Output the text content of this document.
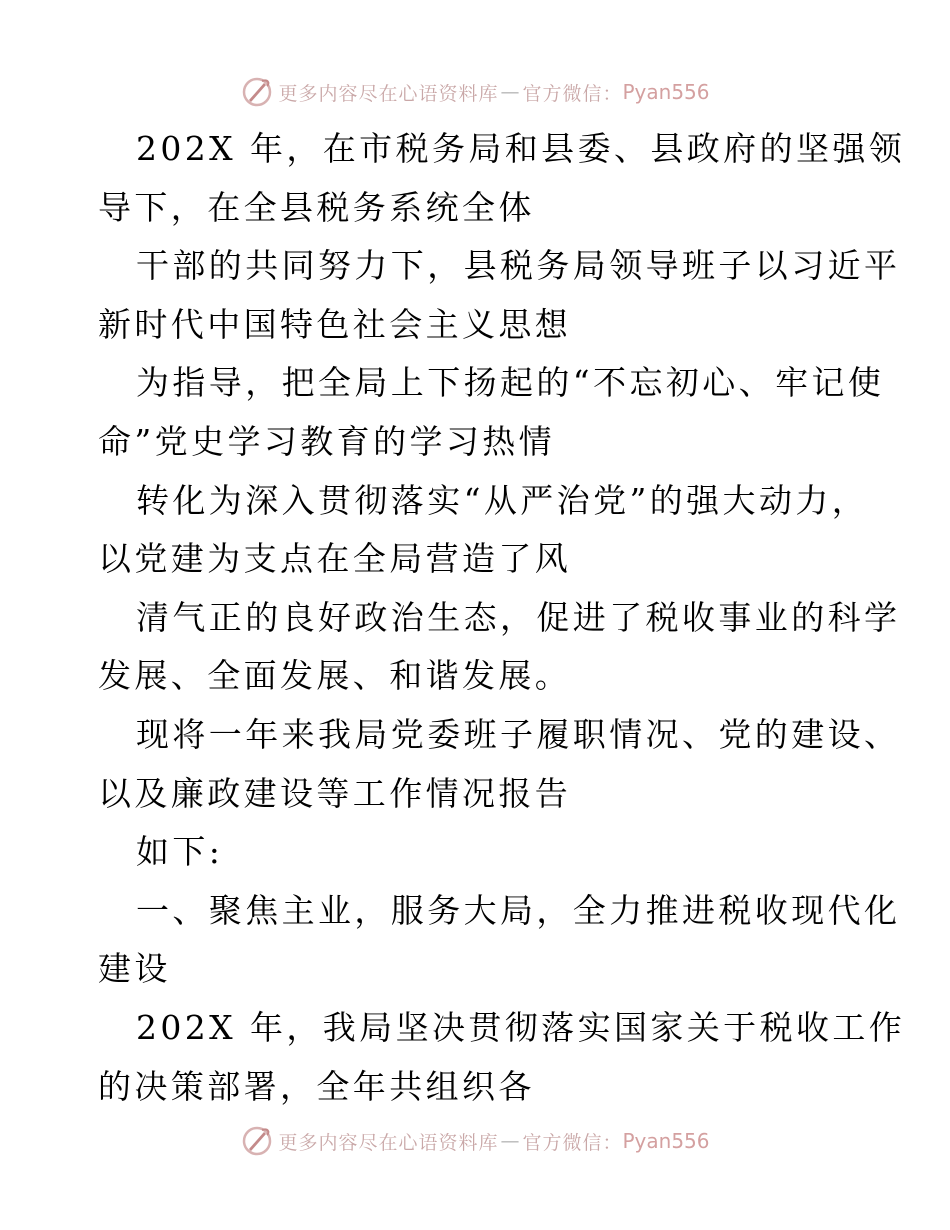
更多内容尽在心语资料库 — 官方微信： Pyan556
202X 年，在市税务局和县委、县政府的坚强领
导下，在全县税务系统全体
干部的共同努力下，县税务局领导班子以习近平
新时代中国特色社会主义思想
为指导，把全局上下扬起的“不忘初心、牢记使
命”党史学习教育的学习热情
转化为深入贯彻落实“从严治党”的强大动力，
以党建为支点在全局营造了风
清气正的良好政治生态，促进了税收事业的科学
发展、全面发展、和谐发展。
现将一年来我局党委班子履职情况、党的建设、
以及廉政建设等工作情况报告
如下:
一、聚焦主业，服务大局，全力推进税收现代化
建设
202X 年，我局坚决贯彻落实国家关于税收工作
的决策部署，全年共组织各
更多内容尽在心语资料库 — 官方微信： Pyan556
